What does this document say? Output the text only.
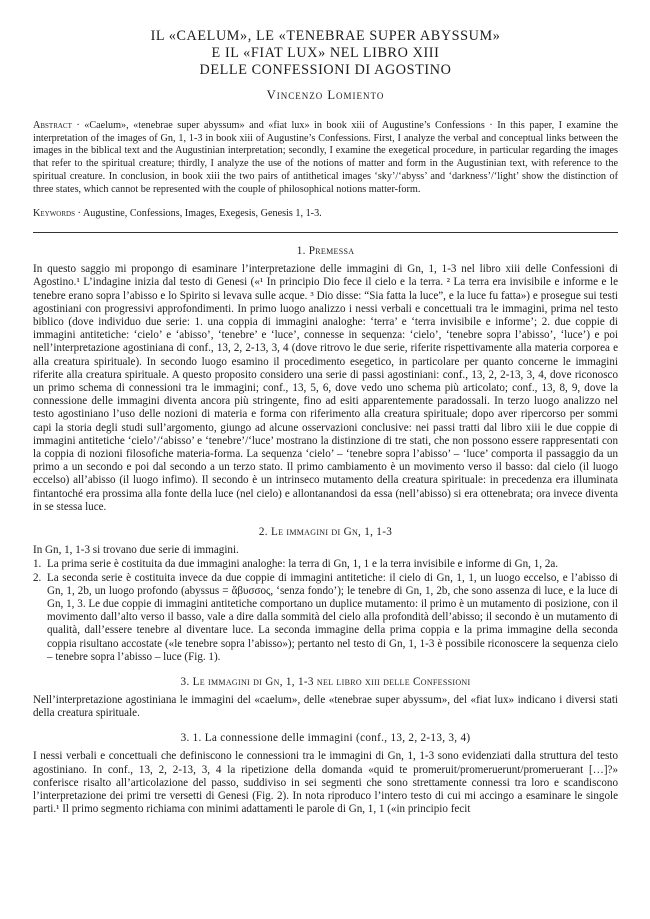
IL «CAELUM», LE «TENEBRAE SUPER ABYSSUM»
E IL «FIAT LUX» NEL LIBRO XIII
DELLE CONFESSIONI DI AGOSTINO
Vincenzo Lomiento

Abstract · «Caelum», «tenebrae super abyssum» and «fiat lux» in book xiii of Augustine’s Confessions · In this paper, I examine the interpretation of the images of Gn, 1, 1-3 in book xiii of Augustine’s Confessions. First, I analyze the verbal and conceptual links between the images in the biblical text and the Augustinian interpretation; secondly, I examine the exegetical procedure, in particular regarding the images that refer to the spiritual creature; thirdly, I analyze the use of the notions of matter and form in the Augustinian text, with reference to the spiritual creature. In conclusion, in book xiii the two pairs of antithetical images ‘sky’/‘abyss’ and ‘darkness’/‘light’ show the distinction of three states, which cannot be represented with the couple of philosophical notions matter-form.

Keywords · Augustine, Confessions, Images, Exegesis, Genesis 1, 1-3.

1. Premessa

In questo saggio mi propongo di esaminare l’interpretazione delle immagini di Gn, 1, 1-3 nel libro xiii delle Confessioni di Agostino.¹ L’indagine inizia dal testo di Genesi («¹ In principio Dio fece il cielo e la terra. ² La terra era invisibile e informe e le tenebre erano sopra l’abisso e lo Spirito si levava sulle acque. ³ Dio disse: “Sia fatta la luce”, e la luce fu fatta») e prosegue sui testi agostiniani con progressivi approfondimenti. In primo luogo analizzo i nessi verbali e concettuali tra le immagini, prima nel testo biblico (dove individuo due serie: 1. una coppia di immagini analoghe: ‘terra’ e ‘terra invisibile e informe’; 2. due coppie di immagini antitetiche: ‘cielo’ e ‘abisso’, ‘tenebre’ e ‘luce’, connesse in sequenza: ‘cielo’, ‘tenebre sopra l’abisso’, ‘luce’) e poi nell’interpretazione agostiniana di conf., 13, 2, 2-13, 3, 4 (dove ritrovo le due serie, riferite rispettivamente alla materia corporea e alla creatura spirituale). In secondo luogo esamino il procedimento esegetico, in particolare per quanto concerne le immagini riferite alla creatura spirituale. A questo proposito considero una serie di passi agostiniani: conf., 13, 2, 2-13, 3, 4, dove riconosco un primo schema di connessioni tra le immagini; conf., 13, 5, 6, dove vedo uno schema più articolato; conf., 13, 8, 9, dove la connessione delle immagini diventa ancora più stringente, fino ad esiti apparentemente paradossali. In terzo luogo analizzo nel testo agostiniano l’uso delle nozioni di materia e forma con riferimento alla creatura spirituale; dopo aver ripercorso per sommi capi la storia degli studi sull’argomento, giungo ad alcune osservazioni conclusive: nei passi tratti dal libro xiii le due coppie di immagini antitetiche ‘cielo’/‘abisso’ e ‘tenebre’/‘luce’ mostrano la distinzione di tre stati, che non possono essere rappresentati con la coppia di nozioni filosofiche materia-forma. La sequenza ‘cielo’ – ‘tenebre sopra l’abisso’ – ‘luce’ comporta il passaggio da un primo a un secondo e poi dal secondo a un terzo stato. Il primo cambiamento è un movimento verso il basso: dal cielo (il luogo eccelso) all’abisso (il luogo infimo). Il secondo è un intrinseco mutamento della creatura spirituale: in precedenza era illuminata fintantoché era prossima alla fonte della luce (nel cielo) e allontanandosi da essa (nell’abisso) si era ottenebrata; ora invece diventa in se stessa luce.

2. Le immagini di Gn, 1, 1-3

In Gn, 1, 1-3 si trovano due serie di immagini.

1. La prima serie è costituita da due immagini analoghe: la terra di Gn, 1, 1 e la terra invisibile e informe di Gn, 1, 2a.
2. La seconda serie è costituita invece da due coppie di immagini antitetiche: il cielo di Gn, 1, 1, un luogo eccelso, e l’abisso di Gn, 1, 2b, un luogo profondo (abyssus = ἄβυσσος, ‘senza fondo’); le tenebre di Gn, 1, 2b, che sono assenza di luce, e la luce di Gn, 1, 3. Le due coppie di immagini antitetiche comportano un duplice mutamento: il primo è un mutamento di posizione, con il movimento dall’alto verso il basso, vale a dire dalla sommità del cielo alla profondità dell’abisso; il secondo è un mutamento di qualità, dall’essere tenebre al diventare luce. La seconda immagine della prima coppia e la prima immagine della seconda coppia risultano accostate («le tenebre sopra l’abisso»); pertanto nel testo di Gn, 1, 1-3 è possibile riconoscere la sequenza cielo – tenebre sopra l’abisso – luce (Fig. 1).
3. Le immagini di Gn, 1, 1-3 nel libro xiii delle Confessioni

Nell’interpretazione agostiniana le immagini del «caelum», delle «tenebrae super abyssum», del «fiat lux» indicano i diversi stati della creatura spirituale.

3. 1. La connessione delle immagini (conf., 13, 2, 2-13, 3, 4)

I nessi verbali e concettuali che definiscono le connessioni tra le immagini di Gn, 1, 1-3 sono evidenziati dalla struttura del testo agostiniano. In conf., 13, 2, 2-13, 3, 4 la ripetizione della domanda «quid te promeruit/promeruerunt/promeruerant […]?» conferisce risalto all’articolazione del passo, suddiviso in sei segmenti che sono strettamente connessi tra loro e scandiscono l’interpretazione dei primi tre versetti di Genesi (Fig. 2). In nota riproduco l’intero testo di cui mi accingo a esaminare le singole parti.¹ Il primo segmento richiama con minimi adattamenti le parole di Gn, 1, 1 («in principio fecit
